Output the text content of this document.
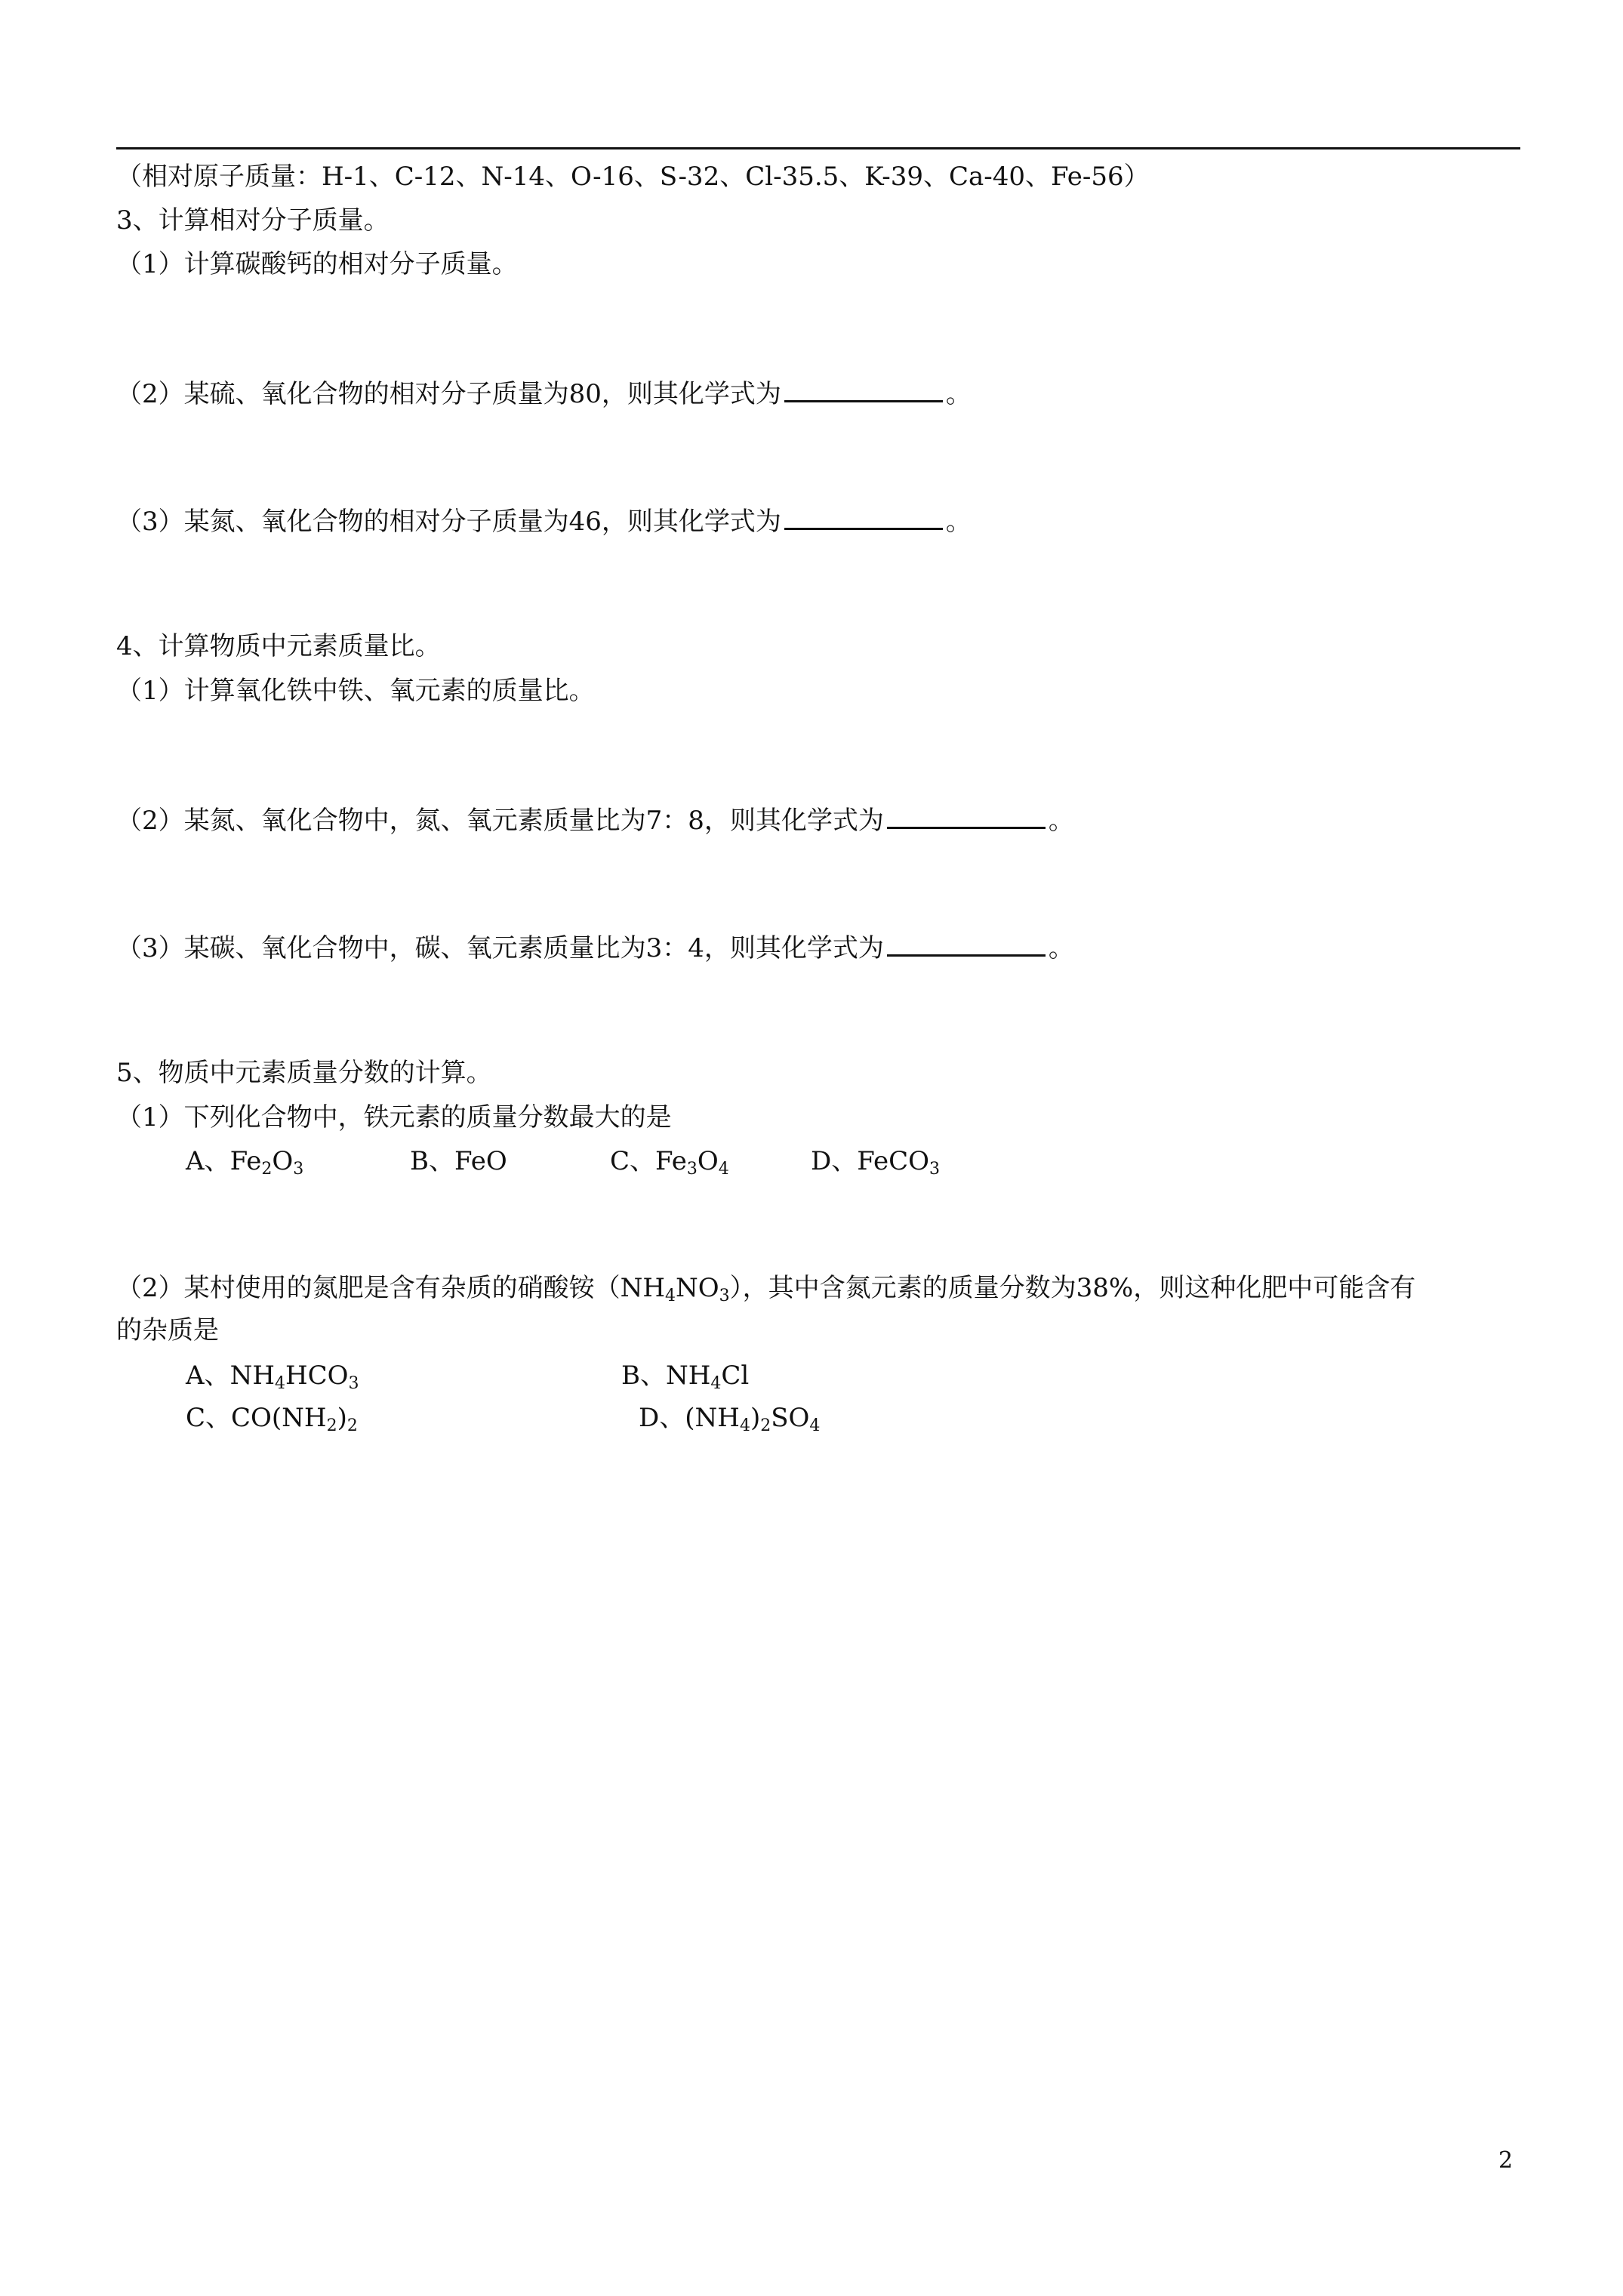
（相对原子质量：H-1、C-12、N-14、O-16、S-32、Cl-35.5、K-39、Ca-40、Fe-56）
3、计算相对分子质量。
（1）计算碳酸钙的相对分子质量。
（2）某硫、氧化合物的相对分子质量为80，则其化学式为	。
（3）某氮、氧化合物的相对分子质量为46，则其化学式为	。
4、计算物质中元素质量比。
（1）计算氧化铁中铁、氧元素的质量比。
（2）某氮、氧化合物中，氮、氧元素质量比为7：8，则其化学式为	。
（3）某碳、氧化合物中，碳、氧元素质量比为3：4，则其化学式为	。
5、物质中元素质量分数的计算。
（1）下列化合物中，铁元素的质量分数最大的是
A、$Fe_2O_3$	B、FeO	C、$Fe_3O_4$	D、FeCO$_3$
（2）某村使用的氮肥是含有杂质的硝酸铵$(NH_4NO_3)$，其中含氮元素的质量分数为38%，则这种化肥中可能含有
的杂质是
A、$NH_4HCO_3$	B、$NH_4Cl$
C、$CO(NH_2)_2$	D、$(NH_4)_2SO_4$
2
